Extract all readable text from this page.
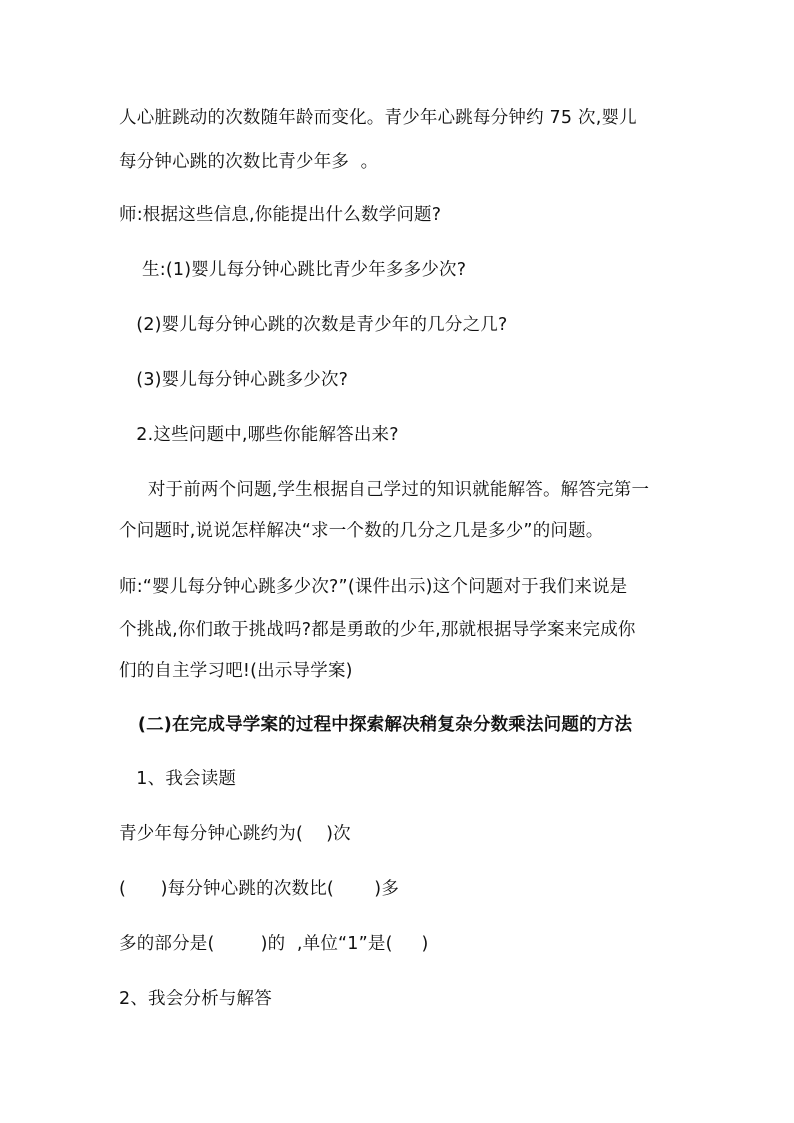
人心脏跳动的次数随年龄而变化。青少年心跳每分钟约 75 次,婴儿

每分钟心跳的次数比青少年多  。

师:根据这些信息,你能提出什么数学问题?

生:(1)婴儿每分钟心跳比青少年多多少次?

(2)婴儿每分钟心跳的次数是青少年的几分之几?

(3)婴儿每分钟心跳多少次?

2.这些问题中,哪些你能解答出来?

对于前两个问题,学生根据自己学过的知识就能解答。解答完第一

个问题时,说说怎样解决“求一个数的几分之几是多少”的问题。

师:“婴儿每分钟心跳多少次?”(课件出示)这个问题对于我们来说是

个挑战,你们敢于挑战吗?都是勇敢的少年,那就根据导学案来完成你

们的自主学习吧!(出示导学案)

(二)在完成导学案的过程中探索解决稍复杂分数乘法问题的方法

1、我会读题

青少年每分钟心跳约为(    )次

(      )每分钟心跳的次数比(       )多

多的部分是(        )的  ,单位“1”是(     )

2、我会分析与解答
